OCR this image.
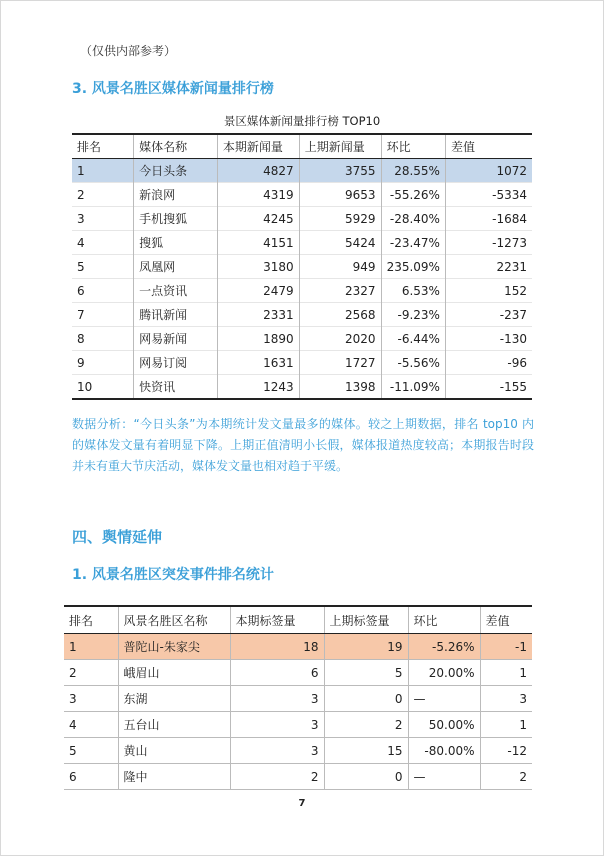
（仅供内部参考）
3. 风景名胜区媒体新闻量排行榜
景区媒体新闻量排行榜 TOP10
排名	媒体名称	本期新闻量	上期新闻量	环比	差值
1	今日头条	4827	3755	28.55%	1072
2	新浪网	4319	9653	-55.26%	-5334
3	手机搜狐	4245	5929	-28.40%	-1684
4	搜狐	4151	5424	-23.47%	-1273
5	凤凰网	3180	949	235.09%	2231
6	一点资讯	2479	2327	6.53%	152
7	腾讯新闻	2331	2568	-9.23%	-237
8	网易新闻	1890	2020	-6.44%	-130
9	网易订阅	1631	1727	-5.56%	-96
10	快资讯	1243	1398	-11.09%	-155
数据分析：“今日头条”为本期统计发文量最多的媒体。较之上期数据，排名 top10 内的媒体发文量有着明显下降。上期正值清明小长假，媒体报道热度较高；本期报告时段并未有重大节庆活动，媒体发文量也相对趋于平缓。
四、舆情延伸
1. 风景名胜区突发事件排名统计
排名	风景名胜区名称	本期标签量	上期标签量	环比	差值
1	普陀山-朱家尖	18	19	-5.26%	-1
2	峨眉山	6	5	20.00%	1
3	东湖	3	0	—	3
4	五台山	3	2	50.00%	1
5	黄山	3	15	-80.00%	-12
6	隆中	2	0	—	2
7
